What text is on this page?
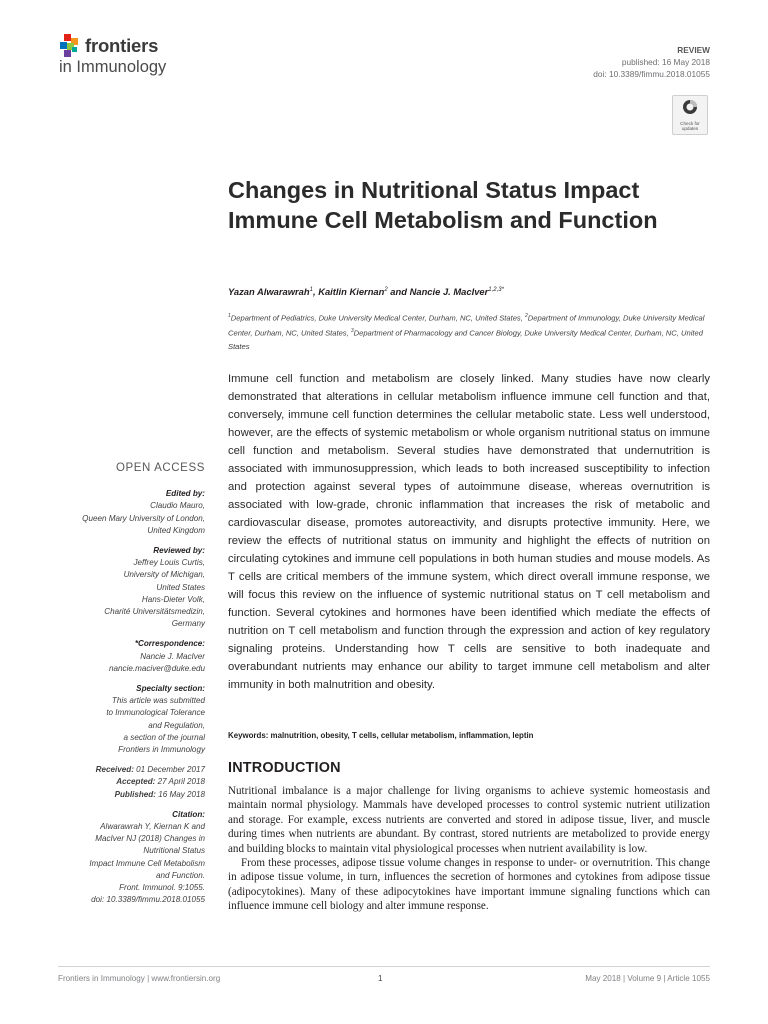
frontiers
in Immunology
REVIEW
published: 16 May 2018
doi: 10.3389/fimmu.2018.01055
Check for updates
Changes in Nutritional Status Impact Immune Cell Metabolism and Function
Yazan Alwarawrah$^1$, Kaitlin Kiernan$^2$ and Nancie J. MacIver$^{1,2,3*}$
$^1$Department of Pediatrics, Duke University Medical Center, Durham, NC, United States, $^2$Department of Immunology, Duke University Medical Center, Durham, NC, United States, $^3$Department of Pharmacology and Cancer Biology, Duke University Medical Center, Durham, NC, United States

Immune cell function and metabolism are closely linked. Many studies have now clearly demonstrated that alterations in cellular metabolism influence immune cell function and that, conversely, immune cell function determines the cellular metabolic state. Less well understood, however, are the effects of systemic metabolism or whole organism nutritional status on immune cell function and metabolism. Several studies have demonstrated that undernutrition is associated with immunosuppression, which leads to both increased susceptibility to infection and protection against several types of autoimmune disease, whereas overnutrition is associated with low-grade, chronic inflammation that increases the risk of metabolic and cardiovascular disease, promotes autoreactivity, and disrupts protective immunity. Here, we review the effects of nutritional status on immunity and highlight the effects of nutrition on circulating cytokines and immune cell populations in both human studies and mouse models. As T cells are critical members of the immune system, which direct overall immune response, we will focus this review on the influence of systemic nutritional status on T cell metabolism and function. Several cytokines and hormones have been identified which mediate the effects of nutrition on T cell metabolism and function through the expression and action of key regulatory signaling proteins. Understanding how T cells are sensitive to both inadequate and overabundant nutrients may enhance our ability to target immune cell metabolism and alter immunity in both malnutrition and obesity.

Keywords: malnutrition, obesity, T cells, cellular metabolism, inflammation, leptin
INTRODUCTION

Nutritional imbalance is a major challenge for living organisms to achieve systemic homeostasis and maintain normal physiology. Mammals have developed processes to control systemic nutrient utilization and storage. For example, excess nutrients are converted and stored in adipose tissue, liver, and muscle during times when nutrients are abundant. By contrast, stored nutrients are metabolized to provide energy and building blocks to maintain vital physiological processes when nutrient availability is low.

From these processes, adipose tissue volume changes in response to under- or overnutrition. This change in adipose tissue volume, in turn, influences the secretion of hormones and cytokines from adipose tissue (adipocytokines). Many of these adipocytokines have important immune signaling functions which can influence immune cell biology and alter immune response.

OPEN ACCESS
Edited by:
Claudio Mauro,
Queen Mary University of London,
United Kingdom
Reviewed by:
Jeffrey Louis Curtis,
University of Michigan,
United States
Hans-Dieter Volk,
Charité Universitätsmedizin,
Germany
*Correspondence:
Nancie J. MacIver
nancie.maciver@duke.edu
Specialty section:
This article was submitted
to Immunological Tolerance
and Regulation,
a section of the journal
Frontiers in Immunology
Received: 01 December 2017
Accepted: 27 April 2018
Published: 16 May 2018
Citation:
Alwarawrah Y, Kiernan K and
MacIver NJ (2018) Changes in
Nutritional Status
Impact Immune Cell Metabolism
and Function.
Front. Immunol. 9:1055.
doi: 10.3389/fimmu.2018.01055
Frontiers in Immunology | www.frontiersin.org	1	May 2018 | Volume 9 | Article 1055
